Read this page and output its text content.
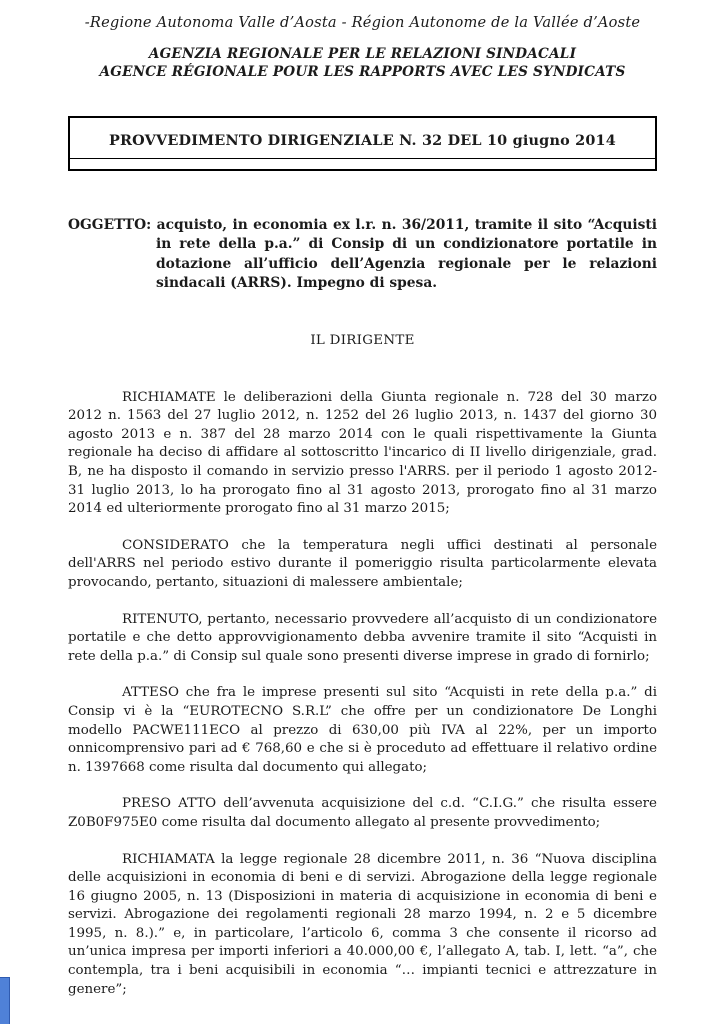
-Regione Autonoma Valle d’Aosta - Région Autonome de la Vallée d’Aoste
AGENZIA REGIONALE PER LE RELAZIONI SINDACALI
AGENCE RÉGIONALE POUR LES RAPPORTS AVEC LES SYNDICATS
PROVVEDIMENTO DIRIGENZIALE N. 32 DEL 10 giugno 2014

OGGETTO: acquisto, in economia ex l.r. n. 36/2011, tramite il sito “Acquisti in rete della p.a.” di Consip di un condizionatore portatile in dotazione all’ufficio dell’Agenzia regionale per le relazioni sindacali (ARRS). Impegno di spesa.

IL DIRIGENTE

RICHIAMATE le deliberazioni della Giunta regionale n. 728 del 30 marzo 2012 n. 1563 del 27 luglio 2012, n. 1252 del 26 luglio 2013, n. 1437 del giorno 30 agosto 2013 e n. 387 del 28 marzo 2014 con le quali rispettivamente la Giunta regionale ha deciso di affidare al sottoscritto l'incarico di II livello dirigenziale, grad. B, ne ha disposto il comando in servizio presso l'ARRS. per il periodo 1 agosto 2012-31 luglio 2013, lo ha prorogato fino al 31 agosto 2013, prorogato fino al 31 marzo 2014 ed ulteriormente prorogato fino al 31 marzo 2015;

CONSIDERATO che la temperatura negli uffici destinati al personale dell'ARRS nel periodo estivo durante il pomeriggio risulta particolarmente elevata provocando, pertanto, situazioni di malessere ambientale;

RITENUTO, pertanto, necessario provvedere all’acquisto di un condizionatore portatile e che detto approvvigionamento debba avvenire tramite il sito “Acquisti in rete della p.a.” di Consip sul quale sono presenti diverse imprese in grado di fornirlo;

ATTESO che fra le imprese presenti sul sito “Acquisti in rete della p.a.” di Consip vi è la “EUROTECNO S.R.L” che offre per un condizionatore De Longhi modello PACWE111ECO al prezzo di 630,00 più IVA al 22%, per un importo onnicomprensivo pari ad € 768,60 e che si è proceduto ad effettuare il relativo ordine n. 1397668 come risulta dal documento qui allegato;

PRESO ATTO dell’avvenuta acquisizione del c.d. “C.I.G.” che risulta essere Z0B0F975E0 come risulta dal documento allegato al presente provvedimento;

RICHIAMATA la legge regionale 28 dicembre 2011, n. 36 “Nuova disciplina delle acquisizioni in economia di beni e di servizi. Abrogazione della legge regionale 16 giugno 2005, n. 13 (Disposizioni in materia di acquisizione in economia di beni e servizi. Abrogazione dei regolamenti regionali 28 marzo 1994, n. 2 e 5 dicembre 1995, n. 8.).” e, in particolare, l’articolo 6, comma 3 che consente il ricorso ad un’unica impresa per importi inferiori a 40.000,00 €, l’allegato A, tab. I, lett. “a”, che contempla, tra i beni acquisibili in economia “… impianti tecnici e attrezzature in genere”;
